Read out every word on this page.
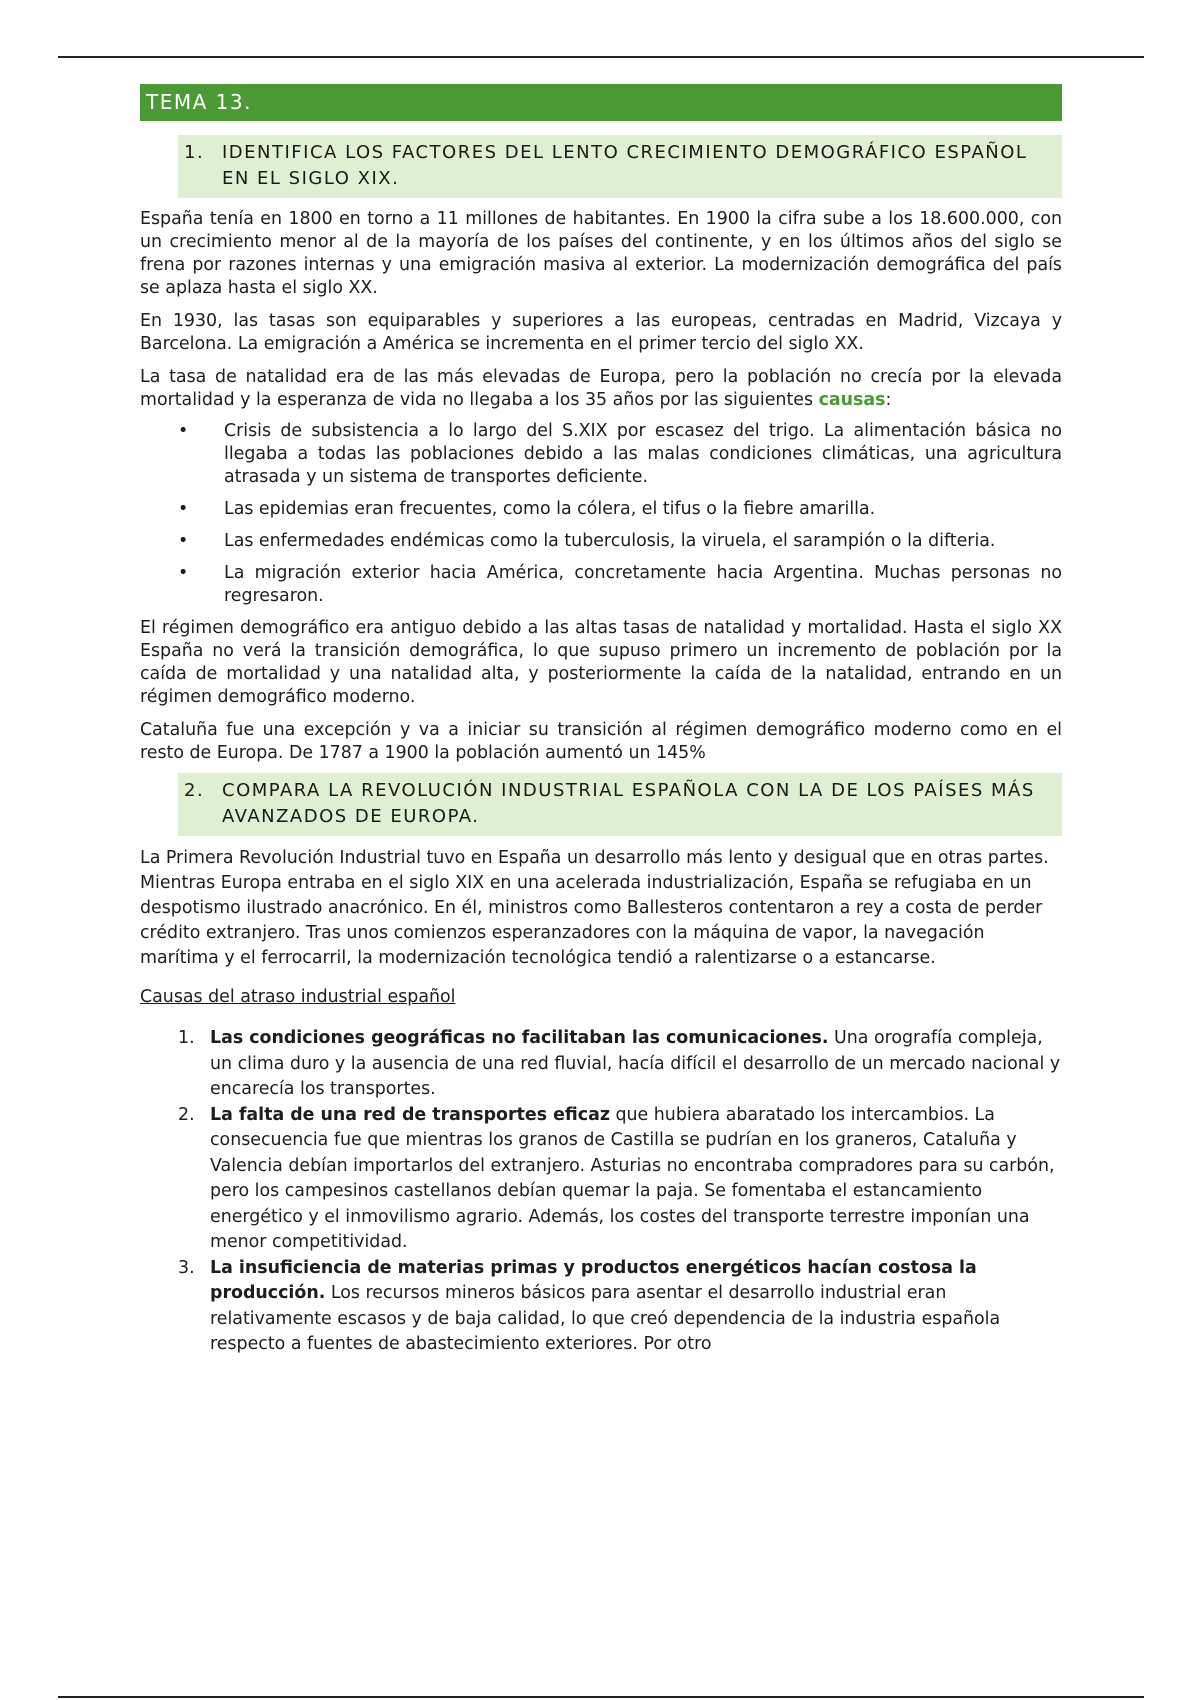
TEMA 13.
1. IDENTIFICA LOS FACTORES DEL LENTO CRECIMIENTO DEMOGRÁFICO ESPAÑOL EN EL SIGLO XIX.

España tenía en 1800 en torno a 11 millones de habitantes. En 1900 la cifra sube a los 18.600.000, con un crecimiento menor al de la mayoría de los países del continente, y en los últimos años del siglo se frena por razones internas y una emigración masiva al exterior. La modernización demográfica del país se aplaza hasta el siglo XX.

En 1930, las tasas son equiparables y superiores a las europeas, centradas en Madrid, Vizcaya y Barcelona. La emigración a América se incrementa en el primer tercio del siglo XX.

La tasa de natalidad era de las más elevadas de Europa, pero la población no crecía por la elevada mortalidad y la esperanza de vida no llegaba a los 35 años por las siguientes causas:

•	Crisis de subsistencia a lo largo del S.XIX por escasez del trigo. La alimentación básica no llegaba a todas las poblaciones debido a las malas condiciones climáticas, una agricultura atrasada y un sistema de transportes deficiente.
•	Las epidemias eran frecuentes, como la cólera, el tifus o la fiebre amarilla.
•	Las enfermedades endémicas como la tuberculosis, la viruela, el sarampión o la difteria.
•	La migración exterior hacia América, concretamente hacia Argentina. Muchas personas no regresaron.

El régimen demográfico era antiguo debido a las altas tasas de natalidad y mortalidad. Hasta el siglo XX España no verá la transición demográfica, lo que supuso primero un incremento de población por la caída de mortalidad y una natalidad alta, y posteriormente la caída de la natalidad, entrando en un régimen demográfico moderno.

Cataluña fue una excepción y va a iniciar su transición al régimen demográfico moderno como en el resto de Europa. De 1787 a 1900 la población aumentó un 145%

2. COMPARA LA REVOLUCIÓN INDUSTRIAL ESPAÑOLA CON LA DE LOS PAÍSES MÁS AVANZADOS DE EUROPA.

La Primera Revolución Industrial tuvo en España un desarrollo más lento y desigual que en otras partes. Mientras Europa entraba en el siglo XIX en una acelerada industrialización, España se refugiaba en un despotismo ilustrado anacrónico. En él, ministros como Ballesteros contentaron a rey a costa de perder crédito extranjero. Tras unos comienzos esperanzadores con la máquina de vapor, la navegación marítima y el ferrocarril, la modernización tecnológica tendió a ralentizarse o a estancarse.

Causas del atraso industrial español

1. Las condiciones geográficas no facilitaban las comunicaciones. Una orografía compleja, un clima duro y la ausencia de una red fluvial, hacía difícil el desarrollo de un mercado nacional y encarecía los transportes.
2. La falta de una red de transportes eficaz que hubiera abaratado los intercambios. La consecuencia fue que mientras los granos de Castilla se pudrían en los graneros, Cataluña y Valencia debían importarlos del extranjero. Asturias no encontraba compradores para su carbón, pero los campesinos castellanos debían quemar la paja. Se fomentaba el estancamiento energético y el inmovilismo agrario. Además, los costes del transporte terrestre imponían una menor competitividad.
3. La insuficiencia de materias primas y productos energéticos hacían costosa la producción. Los recursos mineros básicos para asentar el desarrollo industrial eran relativamente escasos y de baja calidad, lo que creó dependencia de la industria española respecto a fuentes de abastecimiento exteriores. Por otro
